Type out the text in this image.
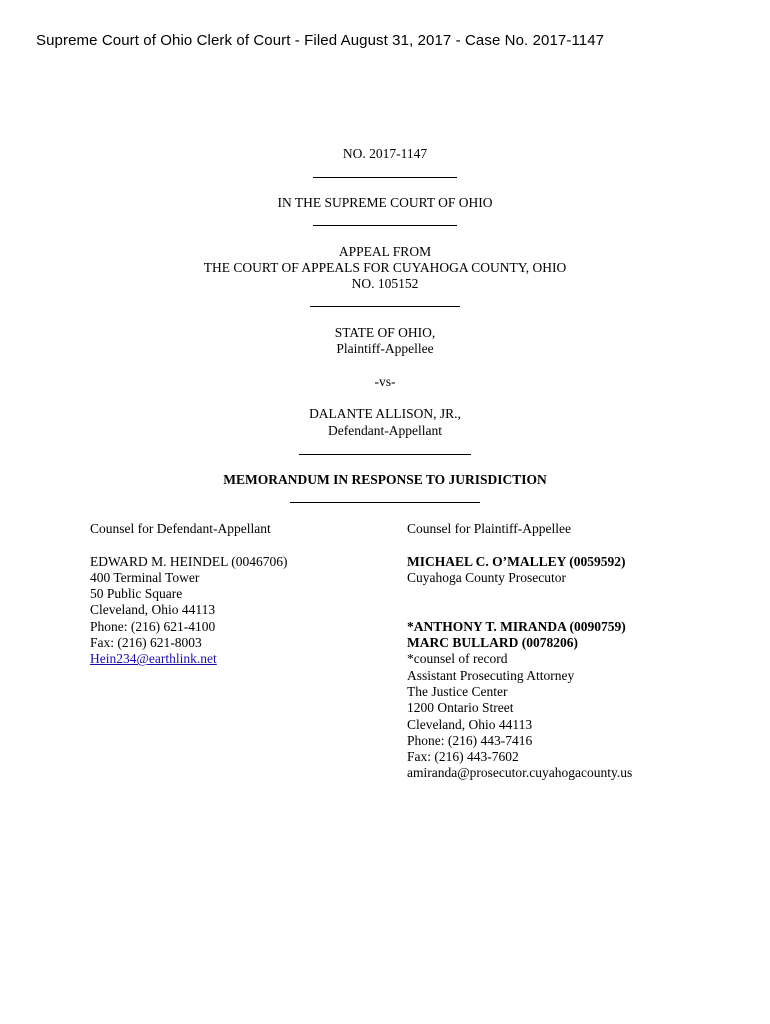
Supreme Court of Ohio Clerk of Court - Filed August 31, 2017 - Case No. 2017-1147
NO. 2017-1147
IN THE SUPREME COURT OF OHIO
APPEAL FROM
THE COURT OF APPEALS FOR CUYAHOGA COUNTY, OHIO
NO. 105152
STATE OF OHIO,
Plaintiff-Appellee
-vs-
DALANTE ALLISON, JR.,
Defendant-Appellant
MEMORANDUM IN RESPONSE TO JURISDICTION
Counsel for Defendant-Appellant
EDWARD M. HEINDEL (0046706)
400 Terminal Tower
50 Public Square
Cleveland, Ohio 44113
Phone: (216) 621-4100
Fax: (216) 621-8003
Hein234@earthlink.net
Counsel for Plaintiff-Appellee
MICHAEL C. O’MALLEY (0059592)
Cuyahoga County Prosecutor
*ANTHONY T. MIRANDA (0090759)
MARC BULLARD (0078206)
*counsel of record
Assistant Prosecuting Attorney
The Justice Center
1200 Ontario Street
Cleveland, Ohio 44113
Phone: (216) 443-7416
Fax: (216) 443-7602
amiranda@prosecutor.cuyahogacounty.us
